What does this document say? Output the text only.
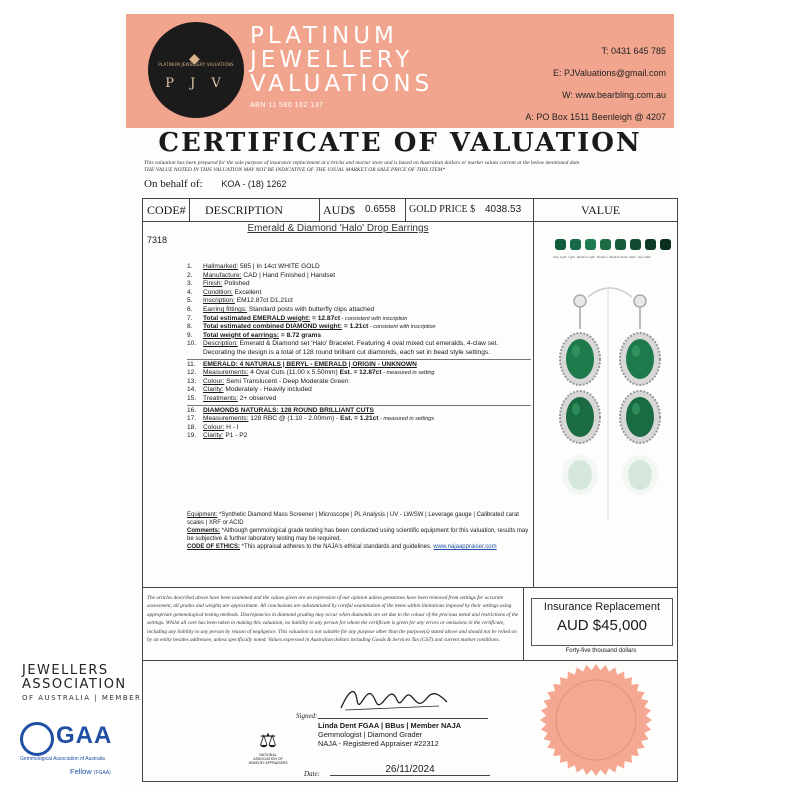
◆
PLATINUM JEWELLERY VALUATIONS
P J V
PLATINUM
JEWELLERY
VALUATIONS
ABN 11 580 162 137
T: 0431 645 785
E: PJValuations@gmail.com
W: www.bearbling.com.au
A: PO Box 1511 Beenleigh @ 4207
CERTIFICATE OF VALUATION
This valuation has been prepared for the sole purpose of insurance replacement at a bricks and mortar store and is based on Australian dollars or market values current at the below mentioned date.
THE VALUE NOTED IN THIS VALUATION MAY NOT BE INDICATIVE OF THE USUAL MARKET OR SALE PRICE OF THIS ITEM*
On behalf of: KOA - (18) 1262
CODE# DESCRIPTION	AUD$ 0.6558 GOLD PRICE $ 4038.53	VALUE
7318
Emerald & Diamond 'Halo' Drop Earrings
1.	Hallmarked: 585 | In 14ct WHITE GOLD
2.	Manufacture: CAD | Hand Finished | Handset
3.	Finish: Polished
4.	Condition: Excellent
5.	Inscription: EM12.87ct D1.21ct
6.	Earring fittings: Standard posts with butterfly clips attached
7.	Total estimated EMERALD weight: = 12.87ct - consistent with inscription
8.	Total estimated combined DIAMOND weight: = 1.21ct - consistent with inscription
9.	Total weight of earrings: = 8.72 grams
10.	Description: Emerald & Diamond set 'Halo' Bracelet. Featuring 4 oval mixed cut emeralds, 4-claw set. Decorating the design is a total of 128 round brilliant cut diamonds, each set in bead style settings.
11.	EMERALD: 4 NATURALS | BERYL - EMERALD | ORIGIN - UNKNOWN
12.	Measurements: 4 Oval Cuts (11.00 x 5.50mm) Est. = 12.87ct - measured in setting
13.	Colour: Semi Translucent - Deep Moderate Green
14.	Clarity: Moderately - Heavily included
15.	Treatments: 2+ observed
16.	DIAMONDS NATURALS: 128 ROUND BRILLIANT CUTS
17.	Measurements: 128 RBC @ (1.10 - 2.00mm) - Est. = 1.21ct - measured in settings
18.	Colour: H - I
19.	Clarity: P1 - P2
Equipment: *Synthetic Diamond Mass Screener | Microscope | PL Analysis | UV - LW/SW | Leverage gauge | Calibrated carat scales | XRF or ACID
Comments: *Although gemmological grade testing has been conducted using scientific equipment for this valuation, results may be subjective & further laboratory testing may be required.
CODE OF ETHICS: *This appraisal adheres to the NAJA's ethical standards and guidelines. www.najaappraiser.com
Very Light Light Medium Light Medium Medium Dark Dark Very Dark
The articles described above have been examined and the values given are an expression of our opinion unless gemstones have been removed from settings for accurate assessment, all grades and weights are approximate. All conclusions are substantiated by careful examination of the items within limitations imposed by their settings using appropriate gemmological testing methods. Discrepancies in diamond grading may occur when diamonds are set due to the colour of the precious metal and restrictions of the settings. Whilst all care has been taken in making this valuation, no liability to any person for whom the certificate is given for any errors or omissions in the certificate, including any liability to any person by reason of negligence. This valuation is not suitable for any purpose other than the purpose(s) stated above and should not be relied on by an entity besides addressee, unless specifically noted. Values expressed in Australian dollars including Goods & Services Tax (GST) and current market conditions.
Insurance Replacement
AUD $45,000
Forty-five thousand dollars
JEWELLERS
ASSOCIATION
OF AUSTRALIA | MEMBER
GAA
Gemmological Association of Australia
Fellow (FGAA)
⚖
NATIONAL ASSOCIATION OF JEWELRY APPRAISERS
Signed:
Linda Dent FGAA | BBus | Member NAJA
Gemmologist | Diamond Grader
NAJA - Registered Appraiser #22312
Date:	26/11/2024
